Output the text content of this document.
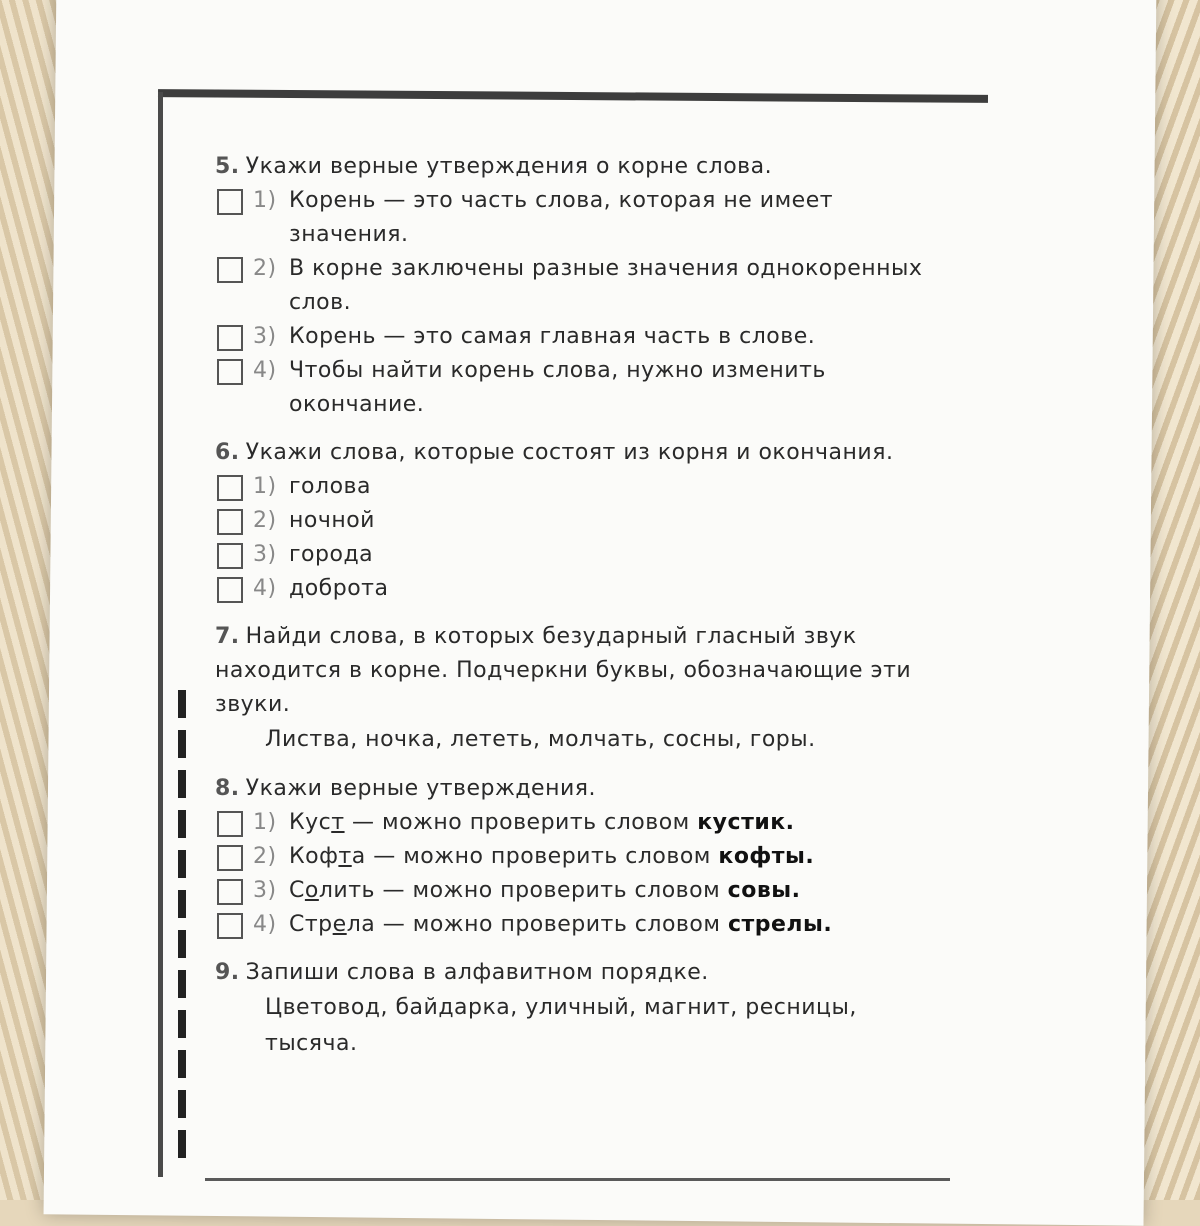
5. Укажи верные утверждения о корне слова.
1) Корень — это часть слова, которая не имеет значения.
2) В корне заключены разные значения однокоренных слов.
3) Корень — это самая главная часть в слове.
4) Чтобы найти корень слова, нужно изменить окончание.
6. Укажи слова, которые состоят из корня и окончания.
1) голова
2) ночной
3) города
4) доброта
7. Найди слова, в которых безударный гласный звук находится в корне. Подчеркни буквы, обозначающие эти звуки.
Листва, ночка, лететь, молчать, сосны, горы.
8. Укажи верные утверждения.
1) Куст — можно проверить словом кустик.
2) Кофта — можно проверить словом кофты.
3) Солить — можно проверить словом совы.
4) Стрела — можно проверить словом стрелы.
9. Запиши слова в алфавитном порядке.
Цветовод, байдарка, уличный, магнит, ресницы, тысяча.
